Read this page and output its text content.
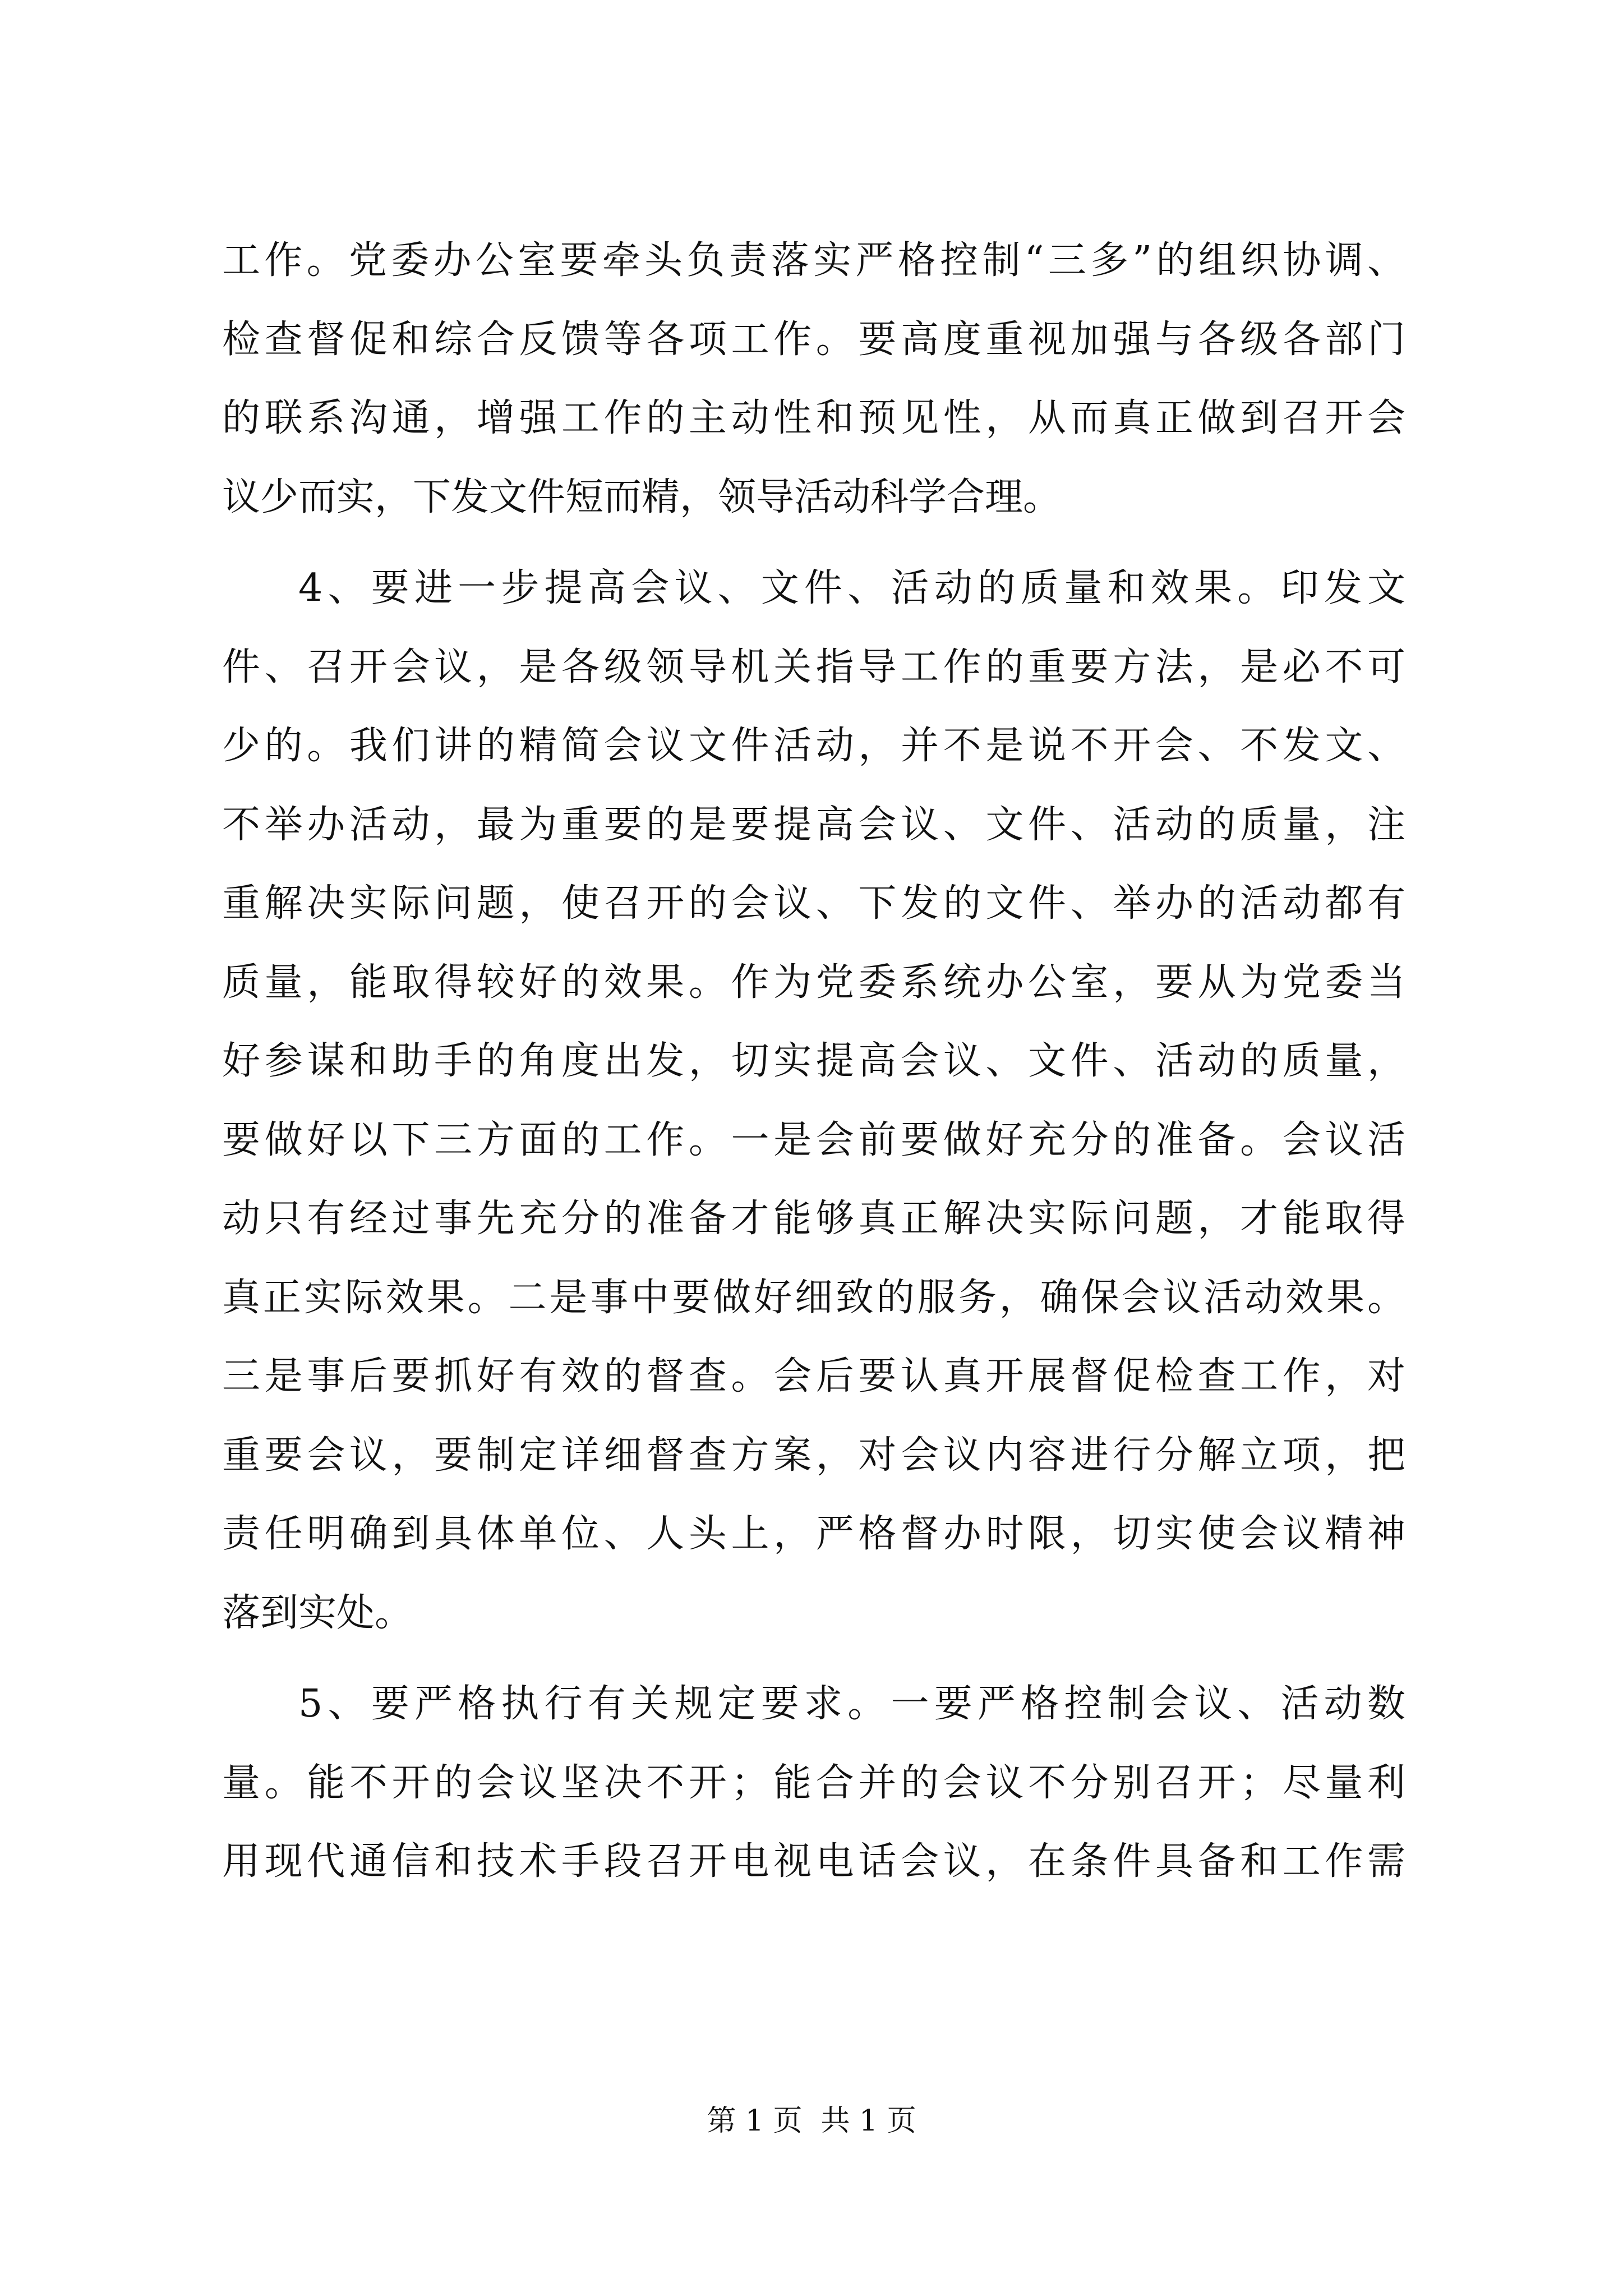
工作。党委办公室要牵头负责落实严格控制“三多”的组织协调、
检查督促和综合反馈等各项工作。要高度重视加强与各级各部门
的联系沟通，增强工作的主动性和预见性，从而真正做到召开会
议少而实，下发文件短而精，领导活动科学合理。
4、要进一步提高会议、文件、活动的质量和效果。印发文
件、召开会议，是各级领导机关指导工作的重要方法，是必不可
少的。我们讲的精简会议文件活动，并不是说不开会、不发文、
不举办活动，最为重要的是要提高会议、文件、活动的质量，注
重解决实际问题，使召开的会议、下发的文件、举办的活动都有
质量，能取得较好的效果。作为党委系统办公室，要从为党委当
好参谋和助手的角度出发，切实提高会议、文件、活动的质量，
要做好以下三方面的工作。一是会前要做好充分的准备。会议活
动只有经过事先充分的准备才能够真正解决实际问题，才能取得
真正实际效果。二是事中要做好细致的服务，确保会议活动效果。
三是事后要抓好有效的督查。会后要认真开展督促检查工作，对
重要会议，要制定详细督查方案，对会议内容进行分解立项，把
责任明确到具体单位、人头上，严格督办时限，切实使会议精神
落到实处。
5、要严格执行有关规定要求。一要严格控制会议、活动数
量。能不开的会议坚决不开；能合并的会议不分别召开；尽量利
用现代通信和技术手段召开电视电话会议，在条件具备和工作需
第 1 页  共 1 页
